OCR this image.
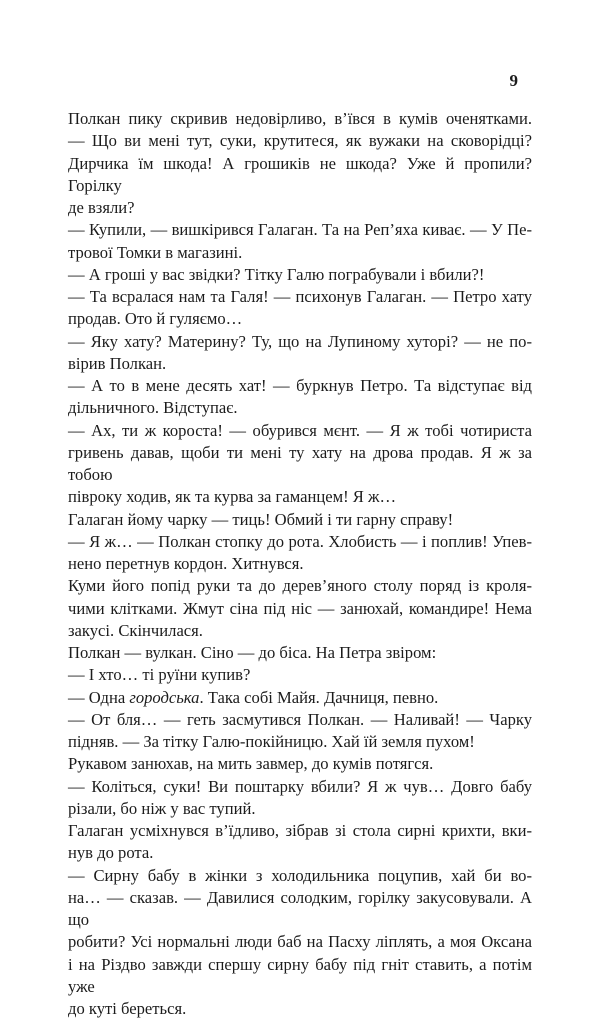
9

Полкан пику скривив недовірливо, в’ївся в кумів оченятками.
— Що ви мені тут, суки, крутитеся, як вужаки на сковорідці?
Дирчика їм шкода! А грошиків не шкода? Уже й пропили? Горілку
де взяли?

— Купили, — вишкірився Галаган. Та на Реп’яха киває. — У Пе-
трової Томки в магазині.

— А гроші у вас звідки? Тітку Галю пограбували і вбили?!

— Та всралася нам та Галя! — психонув Галаган. — Петро хату
продав. Ото й гуляємо…

— Яку хату? Материну? Ту, що на Лупиному хуторі? — не по-
вірив Полкан.

— А то в мене десять хат! — буркнув Петро. Та відступає від
дільничного. Відступає.

— Ах, ти ж короста! — обурився мєнт. — Я ж тобі чотириста
гривень давав, щоби ти мені ту хату на дрова продав. Я ж за тобою
півроку ходив, як та курва за гаманцем! Я ж…

Галаган йому чарку — тиць! Обмий і ти гарну справу!

— Я ж… — Полкан стопку до рота. Хлобисть — і поплив! Упев-
нено перетнув кордон. Хитнувся.

Куми його попід руки та до дерев’яного столу поряд із кроля-
чими клітками. Жмут сіна під ніс — занюхай, командире! Нема
закусі. Скінчилася.

Полкан — вулкан. Сіно — до біса. На Петра звіром:

— І хто… ті руїни купив?

— Одна городська. Така собі Майя. Дачниця, певно.

— От бля… — геть засмутився Полкан. — Наливай! — Чарку
підняв. — За тітку Галю-покійницю. Хай їй земля пухом!

Рукавом занюхав, на мить завмер, до кумів потягся.

— Колiться, суки! Ви поштарку вбили? Я ж чув… Довго бабу
різали, бо ніж у вас тупий.

Галаган усміхнувся в’їдливо, зібрав зі стола сирні крихти, вки-
нув до рота.

— Сирну бабу в жінки з холодильника поцупив, хай би во-
на… — сказав. — Давилися солодким, горілку закусовували. А що
робити? Усі нормальні люди баб на Пасху ліплять, а моя Оксана
і на Різдво завжди спершу сирну бабу під гніт ставить, а потім уже
до куті береться.
